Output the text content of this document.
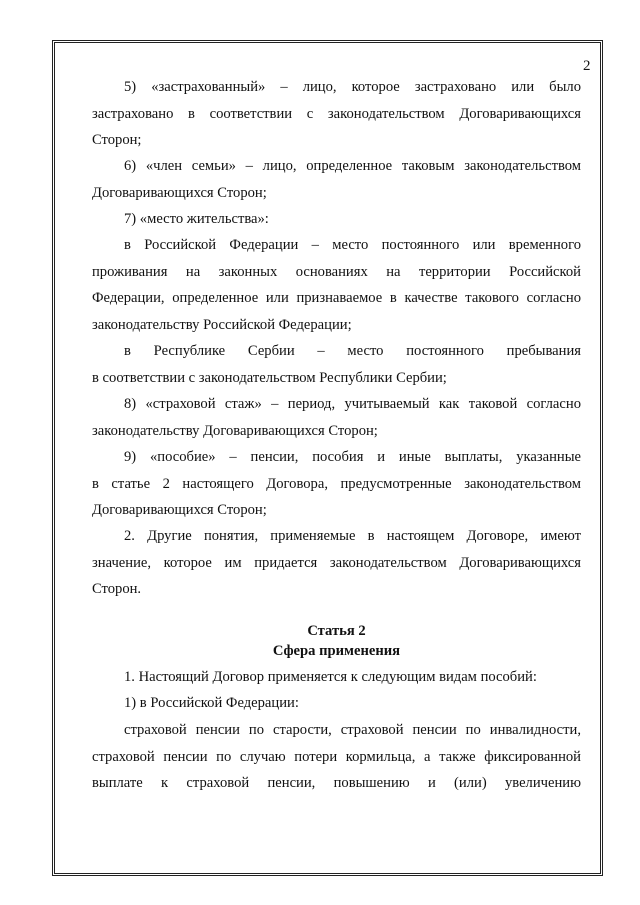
2
5) «застрахованный» – лицо, которое застраховано или было
застраховано в соответствии с законодательством Договаривающихся
Сторон;
6) «член семьи» – лицо, определенное таковым законодательством
Договаривающихся Сторон;
7) «место жительства»:
в Российской Федерации – место постоянного или временного
проживания на законных основаниях на территории Российской
Федерации, определенное или признаваемое в качестве такового согласно
законодательству Российской Федерации;
в Республике Сербии – место постоянного пребывания
в соответствии с законодательством Республики Сербии;
8) «страховой стаж» – период, учитываемый как таковой согласно
законодательству Договаривающихся Сторон;
9) «пособие» – пенсии, пособия и иные выплаты, указанные
в статье 2 настоящего Договора, предусмотренные законодательством
Договаривающихся Сторон;
2. Другие понятия, применяемые в настоящем Договоре, имеют
значение, которое им придается законодательством Договаривающихся
Сторон.
Статья 2
Сфера применения
1. Настоящий Договор применяется к следующим видам пособий:
1) в Российской Федерации:
страховой пенсии по старости, страховой пенсии по инвалидности,
страховой пенсии по случаю потери кормильца, а также фиксированной
выплате к страховой пенсии, повышению и (или) увеличению
